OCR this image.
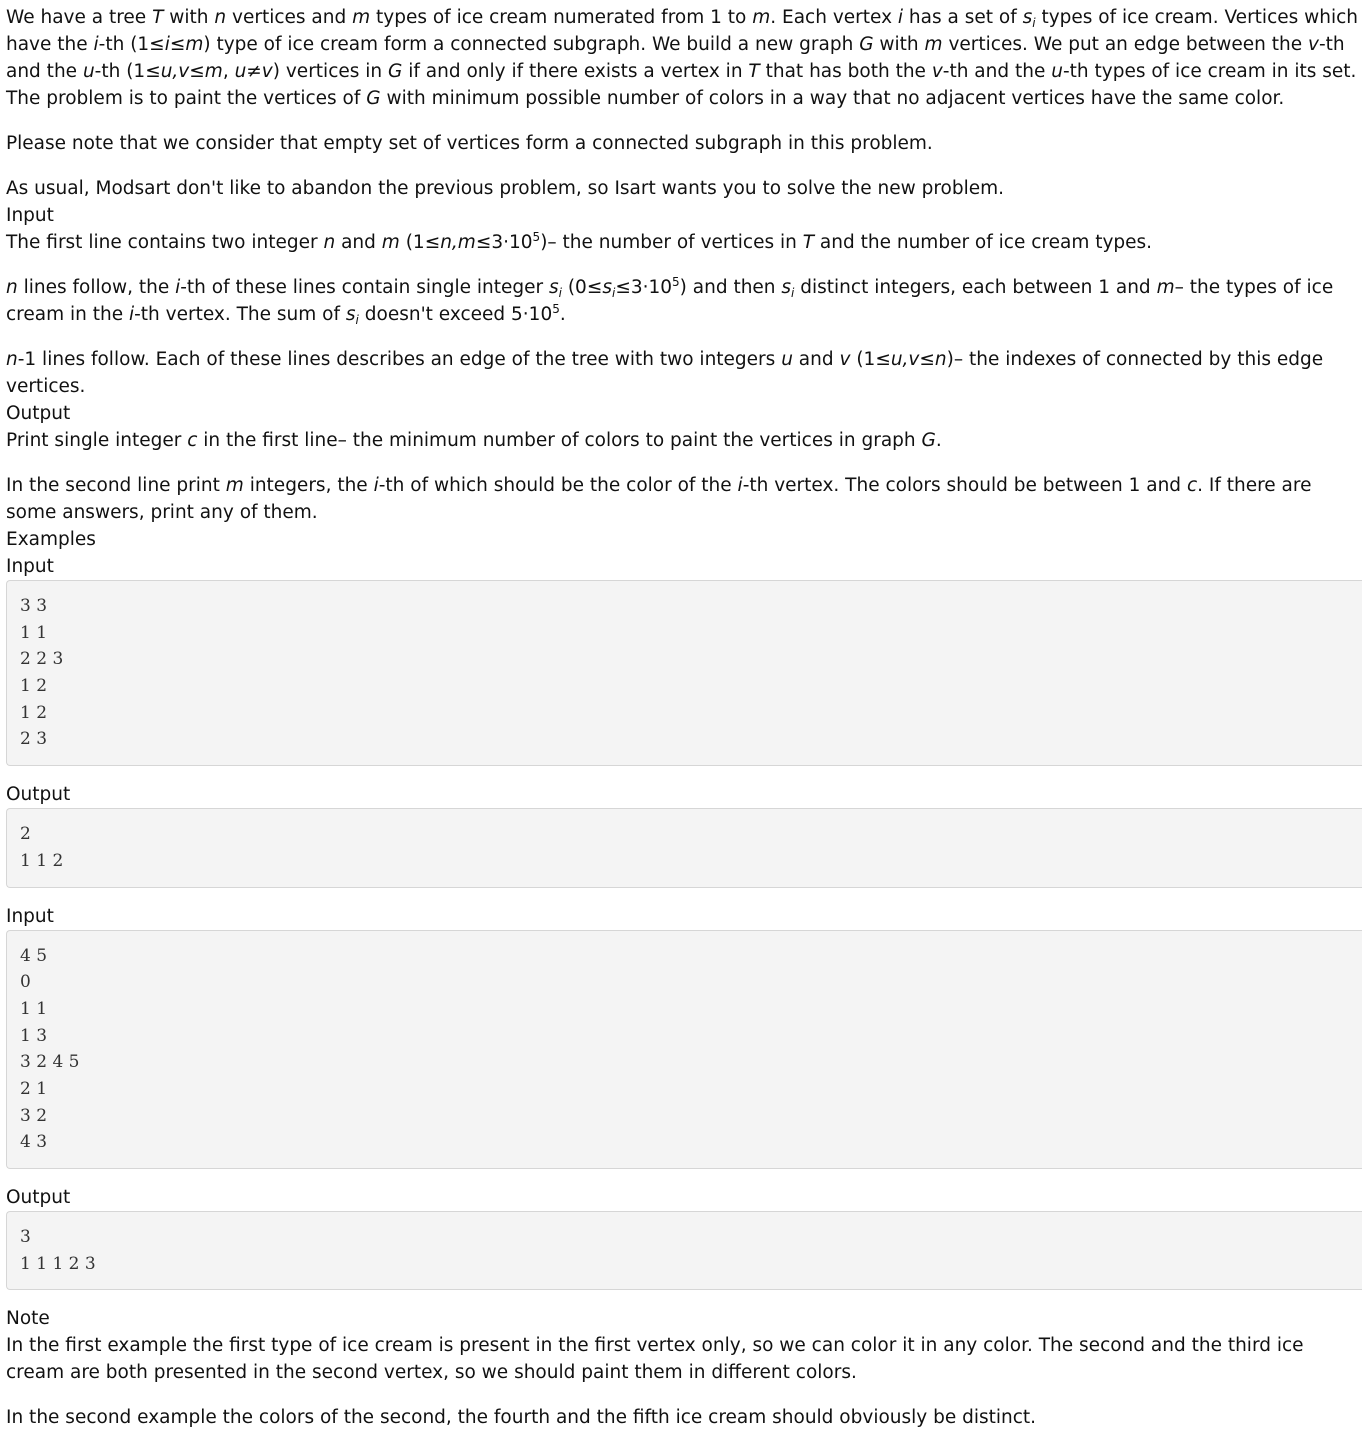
We have a tree T with n vertices and m types of ice cream numerated from 1 to m. Each vertex i has a set of $s_i$ types of ice cream. Vertices which have the i-th (1≤i≤m) type of ice cream form a connected subgraph. We build a new graph G with m vertices. We put an edge between the v-th and the u-th (1≤u,v≤m, u≠v) vertices in G if and only if there exists a vertex in T that has both the v-th and the u-th types of ice cream in its set. The problem is to paint the vertices of G with minimum possible number of colors in a way that no adjacent vertices have the same color.

Please note that we consider that empty set of vertices form a connected subgraph in this problem.

As usual, Modsart don't like to abandon the previous problem, so Isart wants you to solve the new problem.

Input

The first line contains two integer n and m $(1\le n,m\le 3\cdot 10^5)-$ the number of vertices in T and the number of ice cream types.

n lines follow, the i-th of these lines contain single integer $s_i$ $(0\le s_i\le 3\cdot 10^5)$ and then $s_i$ distinct integers, each between 1 and m– the types of ice cream in the i-th vertex. The sum of $s_i$ doesn't exceed $5\cdot 10^5$.

n-1 lines follow. Each of these lines describes an edge of the tree with two integers u and v (1≤u,v≤n)– the indexes of connected by this edge vertices.

Output

Print single integer c in the first line– the minimum number of colors to paint the vertices in graph G.

In the second line print m integers, the i-th of which should be the color of the i-th vertex. The colors should be between 1 and c. If there are some answers, print any of them.

Examples
Input
3 3
1 1
2 2 3
1 2
1 2
2 3
Output
2
1 1 2
Input
4 5
0
1 1
1 3
3 2 4 5
2 1
3 2
4 3
Output
3
1 1 1 2 3
Note

In the first example the first type of ice cream is present in the first vertex only, so we can color it in any color. The second and the third ice cream are both presented in the second vertex, so we should paint them in different colors.

In the second example the colors of the second, the fourth and the fifth ice cream should obviously be distinct.
